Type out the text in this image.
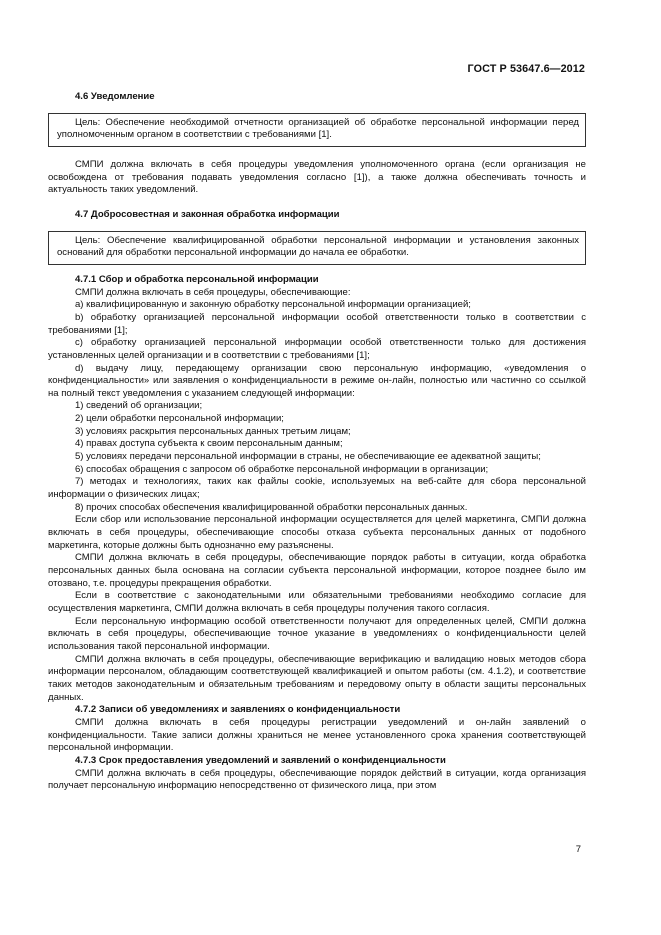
ГОСТ Р 53647.6—2012

4.6 Уведомление

Цель: Обеспечение необходимой отчетности организацией об обработке персональной информации перед уполномоченным органом в соответствии с требованиями [1].

СМПИ должна включать в себя процедуры уведомления уполномоченного органа (если организация не освобождена от требования подавать уведомления согласно [1]), а также должна обеспечивать точность и актуальность таких уведомлений.

4.7 Добросовестная и законная обработка информации

Цель: Обеспечение квалифицированной обработки персональной информации и установления законных оснований для обработки персональной информации до начала ее обработки.

4.7.1 Сбор и обработка персональной информации

СМПИ должна включать в себя процедуры, обеспечивающие:

а) квалифицированную и законную обработку персональной информации организацией;

b) обработку организацией персональной информации особой ответственности только в соответствии с требованиями [1];

c) обработку организацией персональной информации особой ответственности только для достижения установленных целей организации и в соответствии с требованиями [1];

d) выдачу лицу, передающему организации свою персональную информацию, «уведомления о конфиденциальности» или заявления о конфиденциальности в режиме он-лайн, полностью или частично со ссылкой на полный текст уведомления с указанием следующей информации:

1) сведений об организации;

2) цели обработки персональной информации;

3) условиях раскрытия персональных данных третьим лицам;

4) правах доступа субъекта к своим персональным данным;

5) условиях передачи персональной информации в страны, не обеспечивающие ее адекватной защиты;

6) способах обращения с запросом об обработке персональной информации в организации;

7) методах и технологиях, таких как файлы cookie, используемых на веб-сайте для сбора персональной информации о физических лицах;

8) прочих способах обеспечения квалифицированной обработки персональных данных.

Если сбор или использование персональной информации осуществляется для целей маркетинга, СМПИ должна включать в себя процедуры, обеспечивающие способы отказа субъекта персональных данных от подобного маркетинга, которые должны быть однозначно ему разъяснены.

СМПИ должна включать в себя процедуры, обеспечивающие порядок работы в ситуации, когда обработка персональных данных была основана на согласии субъекта персональной информации, которое позднее было им отозвано, т.е. процедуры прекращения обработки.

Если в соответствие с законодательными или обязательными требованиями необходимо согласие для осуществления маркетинга, СМПИ должна включать в себя процедуры получения такого согласия.

Если персональную информацию особой ответственности получают для определенных целей, СМПИ должна включать в себя процедуры, обеспечивающие точное указание в уведомлениях о конфиденциальности целей использования такой персональной информации.

СМПИ должна включать в себя процедуры, обеспечивающие верификацию и валидацию новых методов сбора информации персоналом, обладающим соответствующей квалификацией и опытом работы (см. 4.1.2), и соответствие таких методов законодательным и обязательным требованиям и передовому опыту в области защиты персональных данных.

4.7.2 Записи об уведомлениях и заявлениях о конфиденциальности

СМПИ должна включать в себя процедуры регистрации уведомлений и он-лайн заявлений о конфиденциальности. Такие записи должны храниться не менее установленного срока хранения соответствующей персональной информации.

4.7.3 Срок предоставления уведомлений и заявлений о конфиденциальности

СМПИ должна включать в себя процедуры, обеспечивающие порядок действий в ситуации, когда организация получает персональную информацию непосредственно от физического лица, при этом

7
